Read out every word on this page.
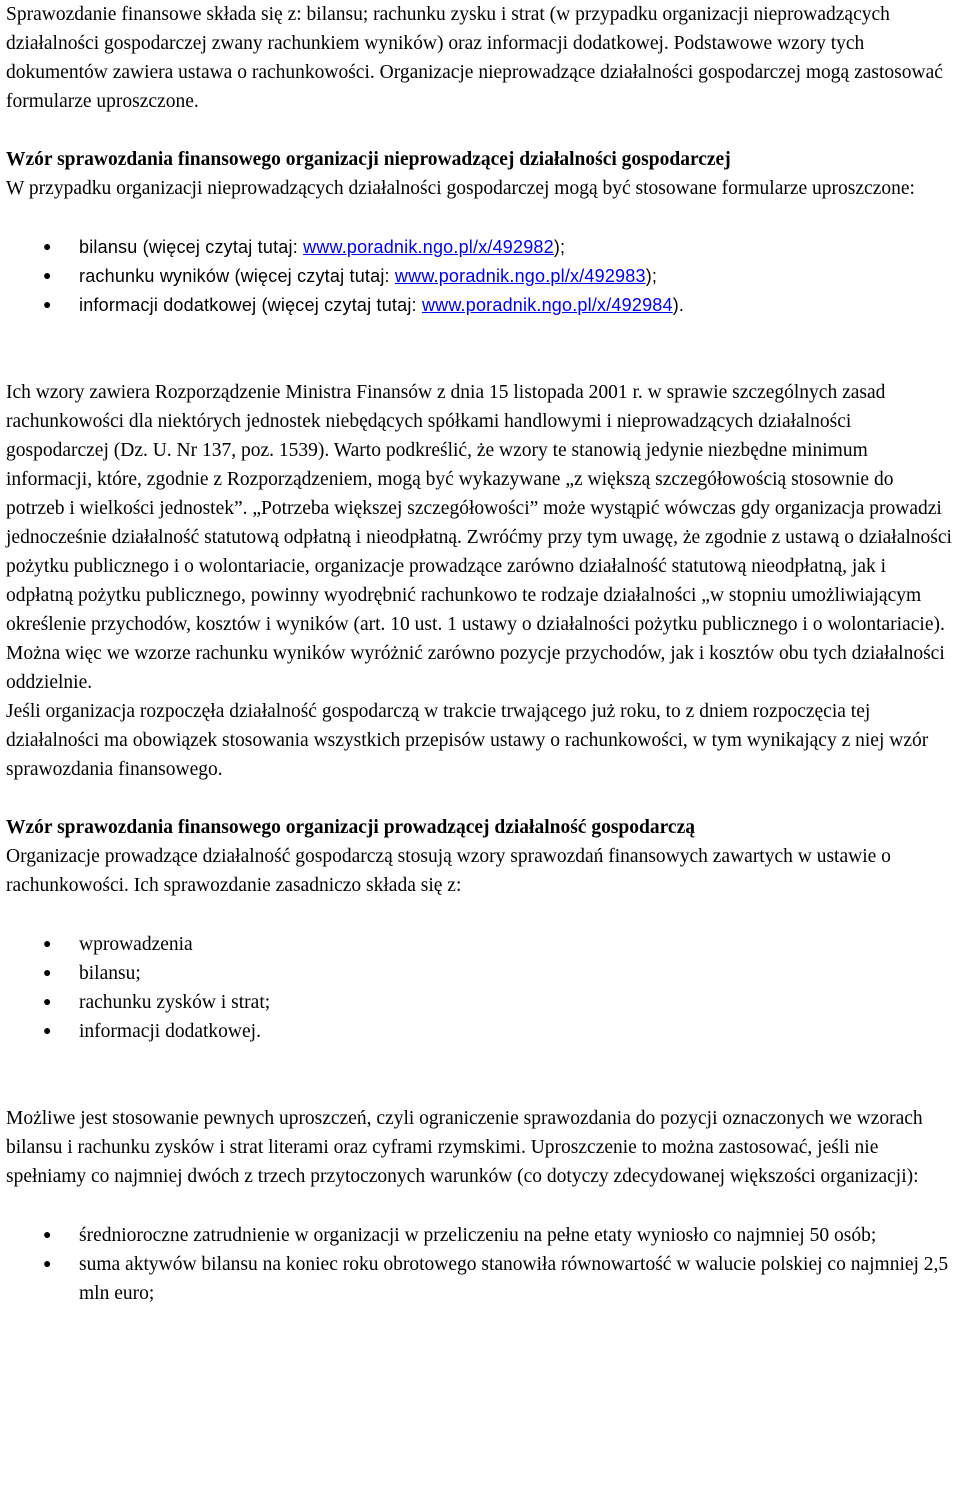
Sprawozdanie finansowe składa się z: bilansu; rachunku zysku i strat (w przypadku organizacji nieprowadzących działalności gospodarczej zwany rachunkiem wyników) oraz informacji dodatkowej. Podstawowe wzory tych dokumentów zawiera ustawa o rachunkowości. Organizacje nieprowadzące działalności gospodarczej mogą zastosować formularze uproszczone.

Wzór sprawozdania finansowego organizacji nieprowadzącej działalności gospodarczej

W przypadku organizacji nieprowadzących działalności gospodarczej mogą być stosowane formularze uproszczone:

● bilansu (więcej czytaj tutaj: www.poradnik.ngo.pl/x/492982);
● rachunku wyników (więcej czytaj tutaj: www.poradnik.ngo.pl/x/492983);
● informacji dodatkowej (więcej czytaj tutaj: www.poradnik.ngo.pl/x/492984).

Ich wzory zawiera Rozporządzenie Ministra Finansów z dnia 15 listopada 2001 r. w sprawie szczególnych zasad rachunkowości dla niektórych jednostek niebędących spółkami handlowymi i nieprowadzących działalności gospodarczej (Dz. U. Nr 137, poz. 1539). Warto podkreślić, że wzory te stanowią jedynie niezbędne minimum informacji, które, zgodnie z Rozporządzeniem, mogą być wykazywane „z większą szczegółowością stosownie do potrzeb i wielkości jednostek”. „Potrzeba większej szczegółowości” może wystąpić wówczas gdy organizacja prowadzi jednocześnie działalność statutową odpłatną i nieodpłatną. Zwróćmy przy tym uwagę, że zgodnie z ustawą o działalności pożytku publicznego i o wolontariacie, organizacje prowadzące zarówno działalność statutową nieodpłatną, jak i odpłatną pożytku publicznego, powinny wyodrębnić rachunkowo te rodzaje działalności „w stopniu umożliwiającym określenie przychodów, kosztów i wyników (art. 10 ust. 1 ustawy o działalności pożytku publicznego i o wolontariacie). Można więc we wzorze rachunku wyników wyróżnić zarówno pozycje przychodów, jak i kosztów obu tych działalności oddzielnie.

Jeśli organizacja rozpoczęła działalność gospodarczą w trakcie trwającego już roku, to z dniem rozpoczęcia tej działalności ma obowiązek stosowania wszystkich przepisów ustawy o rachunkowości, w tym wynikający z niej wzór sprawozdania finansowego.

Wzór sprawozdania finansowego organizacji prowadzącej działalność gospodarczą

Organizacje prowadzące działalność gospodarczą stosują wzory sprawozdań finansowych zawartych w ustawie o rachunkowości. Ich sprawozdanie zasadniczo składa się z:

● wprowadzenia
● bilansu;
● rachunku zysków i strat;
● informacji dodatkowej.

Możliwe jest stosowanie pewnych uproszczeń, czyli ograniczenie sprawozdania do pozycji oznaczonych we wzorach bilansu i rachunku zysków i strat literami oraz cyframi rzymskimi. Uproszczenie to można zastosować, jeśli nie spełniamy co najmniej dwóch z trzech przytoczonych warunków (co dotyczy zdecydowanej większości organizacji):

● średnioroczne zatrudnienie w organizacji w przeliczeniu na pełne etaty wyniosło co najmniej 50 osób;
● suma aktywów bilansu na koniec roku obrotowego stanowiła równowartość w walucie polskiej co najmniej 2,5 mln euro;
